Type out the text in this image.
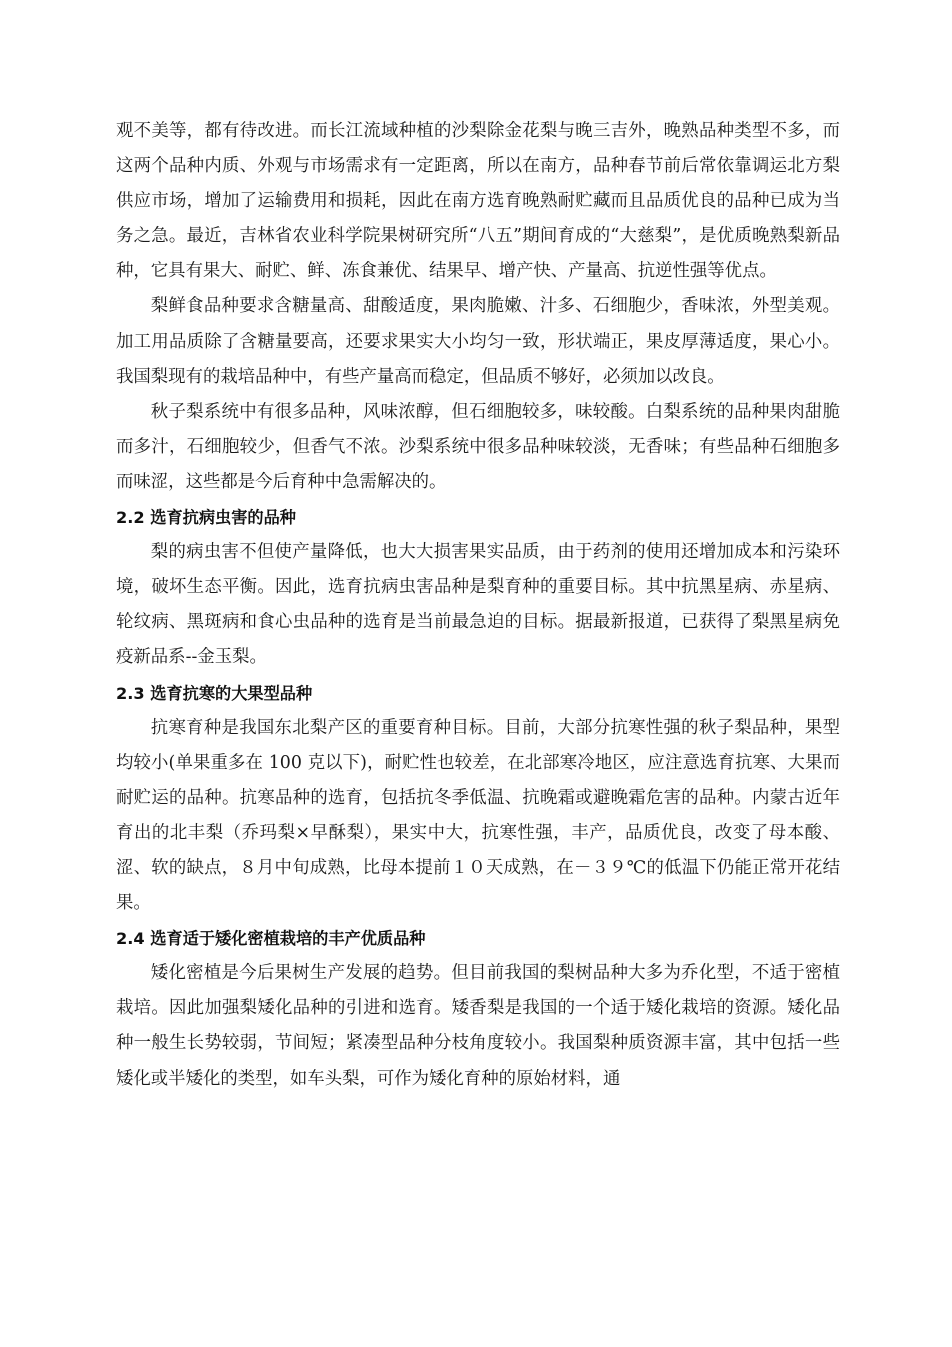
观不美等，都有待改进。而长江流域种植的沙梨除金花梨与晚三吉外，晚熟品种类型不多，而这两个品种内质、外观与市场需求有一定距离，所以在南方，品种春节前后常依靠调运北方梨供应市场，增加了运输费用和损耗，因此在南方选育晚熟耐贮藏而且品质优良的品种已成为当务之急。最近，吉林省农业科学院果树研究所“八五”期间育成的“大慈梨”，是优质晚熟梨新品种，它具有果大、耐贮、鲜、冻食兼优、结果早、增产快、产量高、抗逆性强等优点。

梨鲜食品种要求含糖量高、甜酸适度，果肉脆嫩、汁多、石细胞少，香味浓，外型美观。加工用品质除了含糖量要高，还要求果实大小均匀一致，形状端正，果皮厚薄适度，果心小。我国梨现有的栽培品种中，有些产量高而稳定，但品质不够好，必须加以改良。

秋子梨系统中有很多品种，风味浓醇，但石细胞较多，味较酸。白梨系统的品种果肉甜脆而多汁，石细胞较少，但香气不浓。沙梨系统中很多品种味较淡，无香味；有些品种石细胞多而味涩，这些都是今后育种中急需解决的。

2.2 选育抗病虫害的品种

梨的病虫害不但使产量降低，也大大损害果实品质，由于药剂的使用还增加成本和污染环境，破坏生态平衡。因此，选育抗病虫害品种是梨育种的重要目标。其中抗黑星病、赤星病、轮纹病、黑斑病和食心虫品种的选育是当前最急迫的目标。据最新报道，已获得了梨黑星病免疫新品系--金玉梨。

2.3 选育抗寒的大果型品种

抗寒育种是我国东北梨产区的重要育种目标。目前，大部分抗寒性强的秋子梨品种，果型均较小(单果重多在 100 克以下)，耐贮性也较差，在北部寒冷地区，应注意选育抗寒、大果而耐贮运的品种。抗寒品种的选育，包括抗冬季低温、抗晚霜或避晚霜危害的品种。内蒙古近年育出的北丰梨（乔玛梨×早酥梨），果实中大，抗寒性强，丰产，品质优良，改变了母本酸、涩、软的缺点，８月中旬成熟，比母本提前１０天成熟，在－３９℃的低温下仍能正常开花结果。

2.4 选育适于矮化密植栽培的丰产优质品种

矮化密植是今后果树生产发展的趋势。但目前我国的梨树品种大多为乔化型，不适于密植栽培。因此加强梨矮化品种的引进和选育。矮香梨是我国的一个适于矮化栽培的资源。矮化品种一般生长势较弱，节间短；紧凑型品种分枝角度较小。我国梨种质资源丰富，其中包括一些矮化或半矮化的类型，如车头梨，可作为矮化育种的原始材料，通
